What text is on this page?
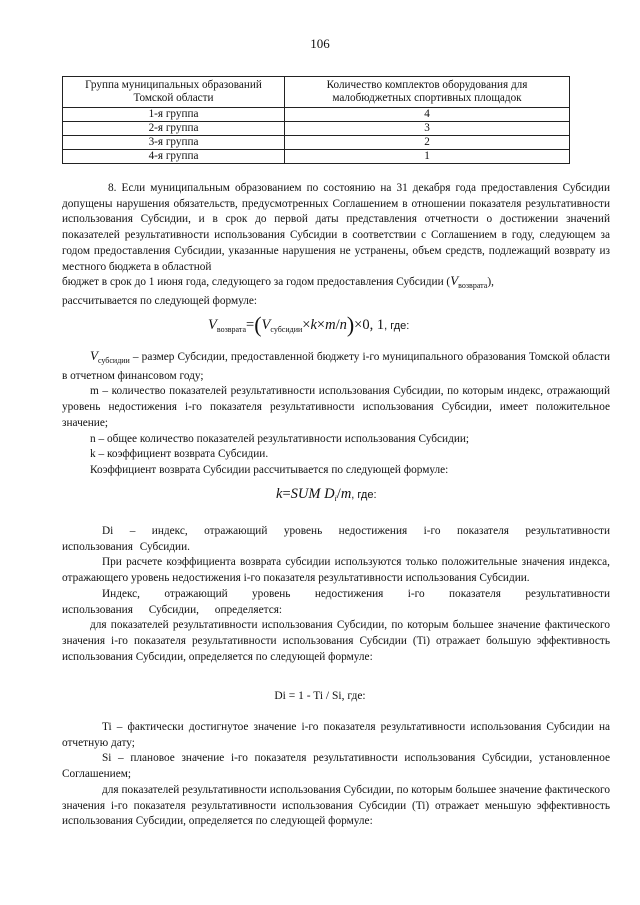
106
Группа муниципальных образований Томской области	Количество комплектов оборудования для малобюджетных спортивных площадок
1-я группа	4
2-я группа	3
3-я группа	2
4-я группа	1

8. Если муниципальным образованием по состоянию на 31 декабря года предоставления Субсидии допущены нарушения обязательств, предусмотренных Соглашением в отношении показателя результативности использования Субсидии, и в срок до первой даты представления отчетности о достижении значений показателей результативности использования Субсидии в соответствии с Соглашением в году, следующем за годом предоставления Субсидии, указанные нарушения не устранены, объем средств, подлежащий возврату из местного бюджета в областной

бюджет в срок до 1 июня года, следующего за годом предоставления Субсидии $(V_{возврата})$,

рассчитывается по следующей формуле:

$V_{возврата}=(V_{субсидии}\times k\times m/n)\times 0$, 1, где:

$V_{субсидии}$ – размер Субсидии, предоставленной бюджету i-го муниципального образования Томской области в отчетном финансовом году;

m – количество показателей результативности использования Субсидии, по которым индекс, отражающий уровень недостижения i-го показателя результативности использования Субсидии, имеет положительное значение;

n – общее количество показателей результативности использования Субсидии;

k – коэффициент возврата Субсидии.

Коэффициент возврата Субсидии рассчитывается по следующей формуле:

k=SUM $D_i/m$, где:

Di – индекс, отражающий уровень недостижения i-го показателя результативности использования Субсидии.

При расчете коэффициента возврата субсидии используются только положительные значения индекса, отражающего уровень недостижения i-го показателя результативности использования Субсидии.

Индекс, отражающий уровень недостижения i-го показателя результативности использования Субсидии, определяется:

для показателей результативности использования Субсидии, по которым большее значение фактического значения i-го показателя результативности использования Субсидии (Ti) отражает большую эффективность использования Субсидии, определяется по следующей формуле:

Di = 1 - Ti / Si, где:

Ti – фактически достигнутое значение i-го показателя результативности использования Субсидии на отчетную дату;

Si – плановое значение i-го показателя результативности использования Субсидии, установленное Соглашением;

для показателей результативности использования Субсидии, по которым большее значение фактического значения i-го показателя результативности использования Субсидии (Ti) отражает меньшую эффективность использования Субсидии, определяется по следующей формуле:
